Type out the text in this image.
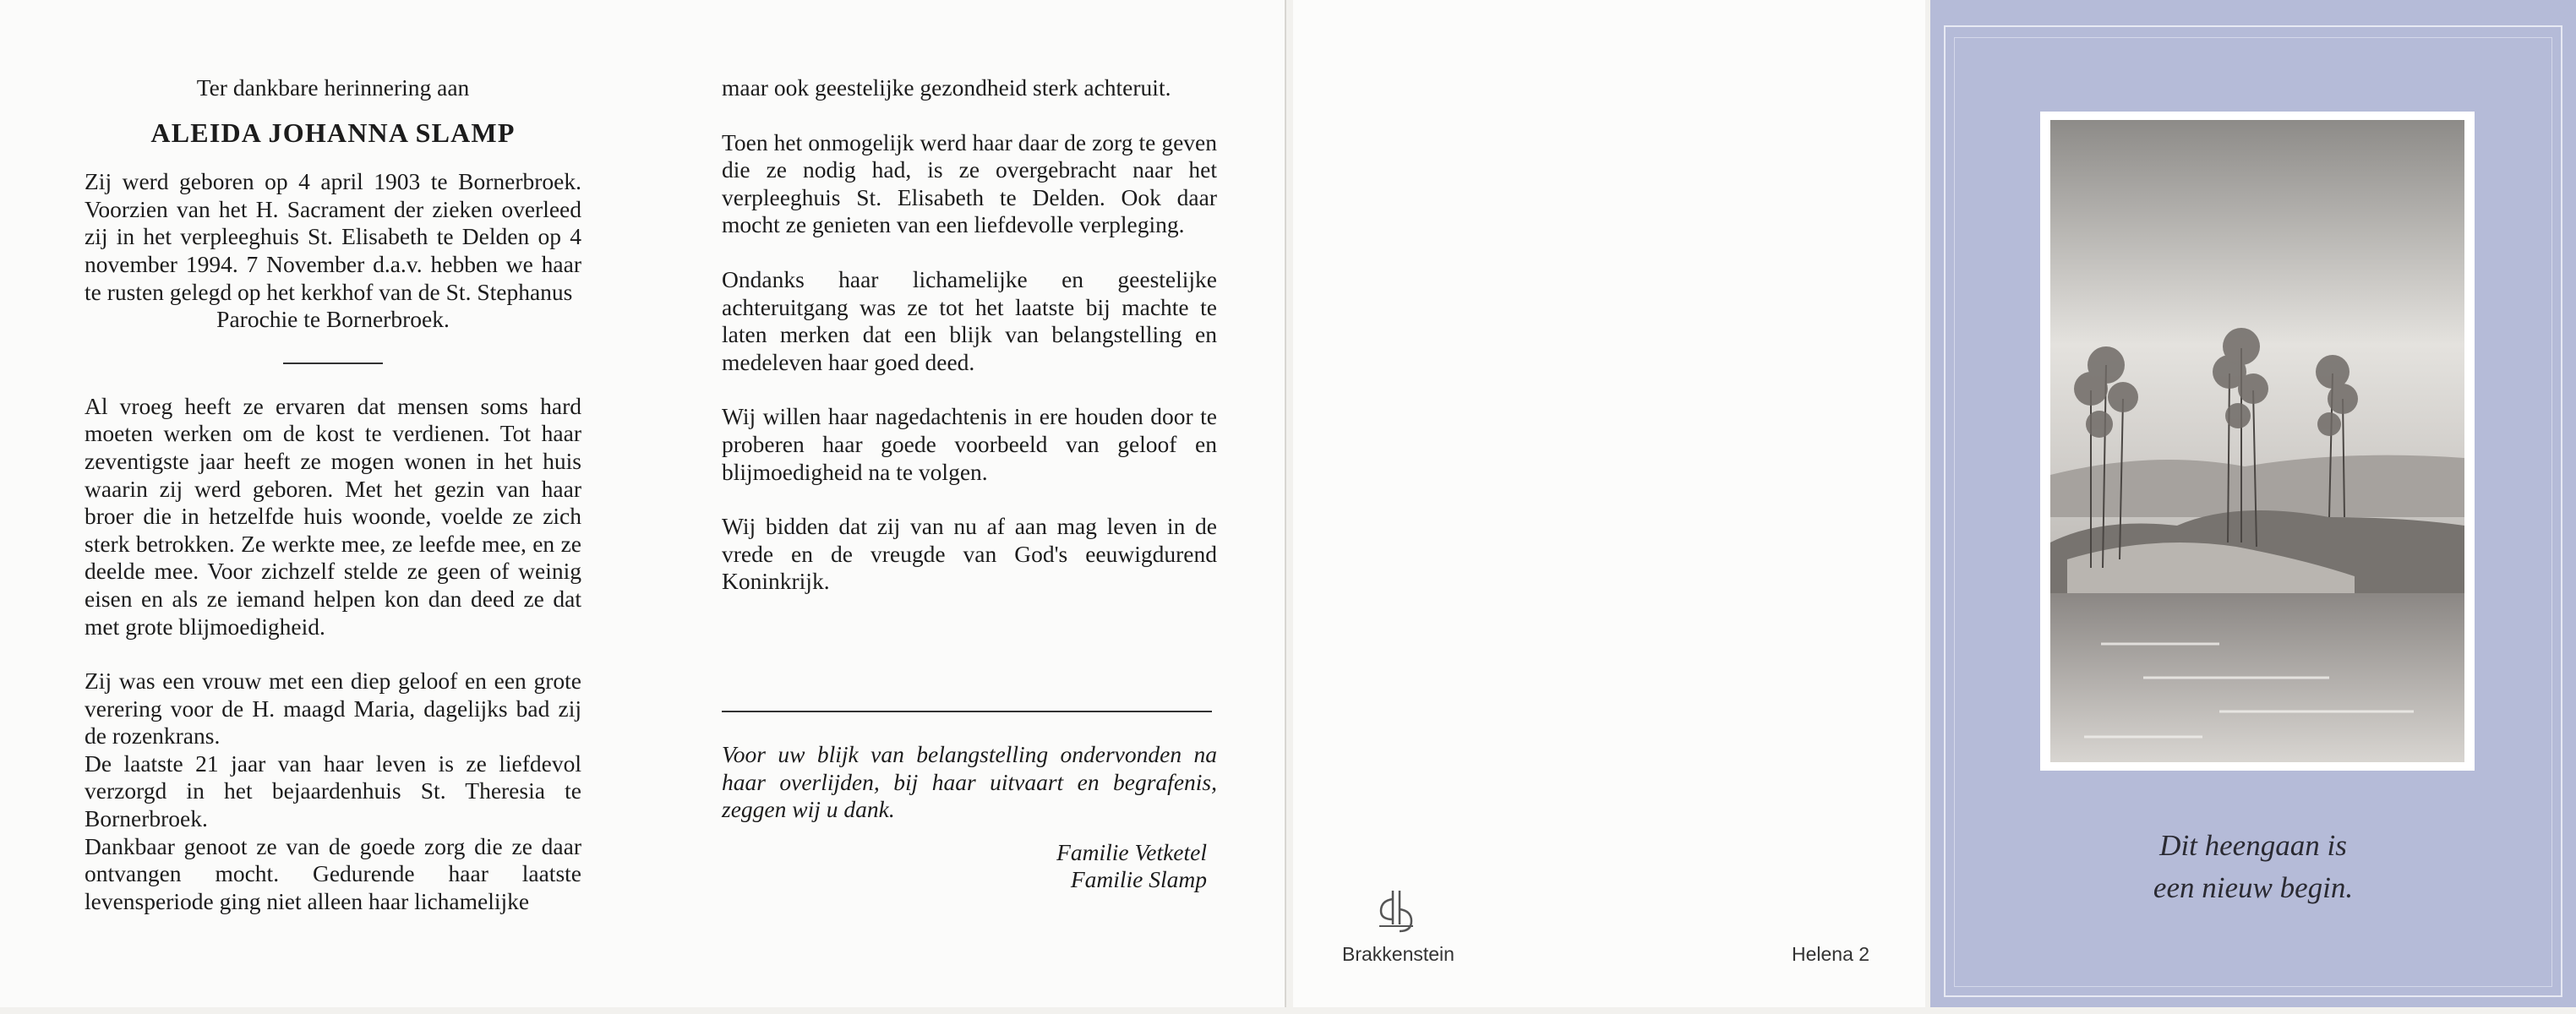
Ter dankbare herinnering aan

ALEIDA JOHANNA SLAMP

Zij werd geboren op 4 april 1903 te Bornerbroek. Voorzien van het H. Sacrament der zieken overleed zij in het verpleeghuis St. Elisabeth te Delden op 4 november 1994. 7 November d.a.v. hebben we haar te rusten gelegd op het kerkhof van de St. Stephanus

Parochie te Bornerbroek.

Al vroeg heeft ze ervaren dat mensen soms hard moeten werken om de kost te verdienen. Tot haar zeventigste jaar heeft ze mogen wonen in het huis waarin zij werd geboren. Met het gezin van haar broer die in hetzelfde huis woonde, voelde ze zich sterk betrokken. Ze werkte mee, ze leefde mee, en ze deelde mee. Voor zichzelf stelde ze geen of weinig eisen en als ze iemand helpen kon dan deed ze dat met grote blijmoedigheid.

Zij was een vrouw met een diep geloof en een grote verering voor de H. maagd Maria, dagelijks bad zij de rozenkrans.

De laatste 21 jaar van haar leven is ze liefdevol verzorgd in het bejaardenhuis St. Theresia te Bornerbroek.

Dankbaar genoot ze van de goede zorg die ze daar ontvangen mocht. Gedurende haar laatste levensperiode ging niet alleen haar lichamelijke

maar ook geestelijke gezondheid sterk achteruit.

Toen het onmogelijk werd haar daar de zorg te geven die ze nodig had, is ze overgebracht naar het verpleeghuis St. Elisabeth te Delden. Ook daar mocht ze genieten van een liefdevolle verpleging.

Ondanks haar lichamelijke en geestelijke achteruitgang was ze tot het laatste bij machte te laten merken dat een blijk van belangstelling en medeleven haar goed deed.

Wij willen haar nagedachtenis in ere houden door te proberen haar goede voorbeeld van geloof en blijmoedigheid na te volgen.

Wij bidden dat zij van nu af aan mag leven in de vrede en de vreugde van God's eeuwigdurend Koninkrijk.

Voor uw blijk van belangstelling ondervonden na haar overlijden, bij haar uitvaart en begrafenis, zeggen wij u dank.

Familie Vetketel

Familie Slamp

Brakkenstein	Helena 2
Dit heengaan is
een nieuw begin.
